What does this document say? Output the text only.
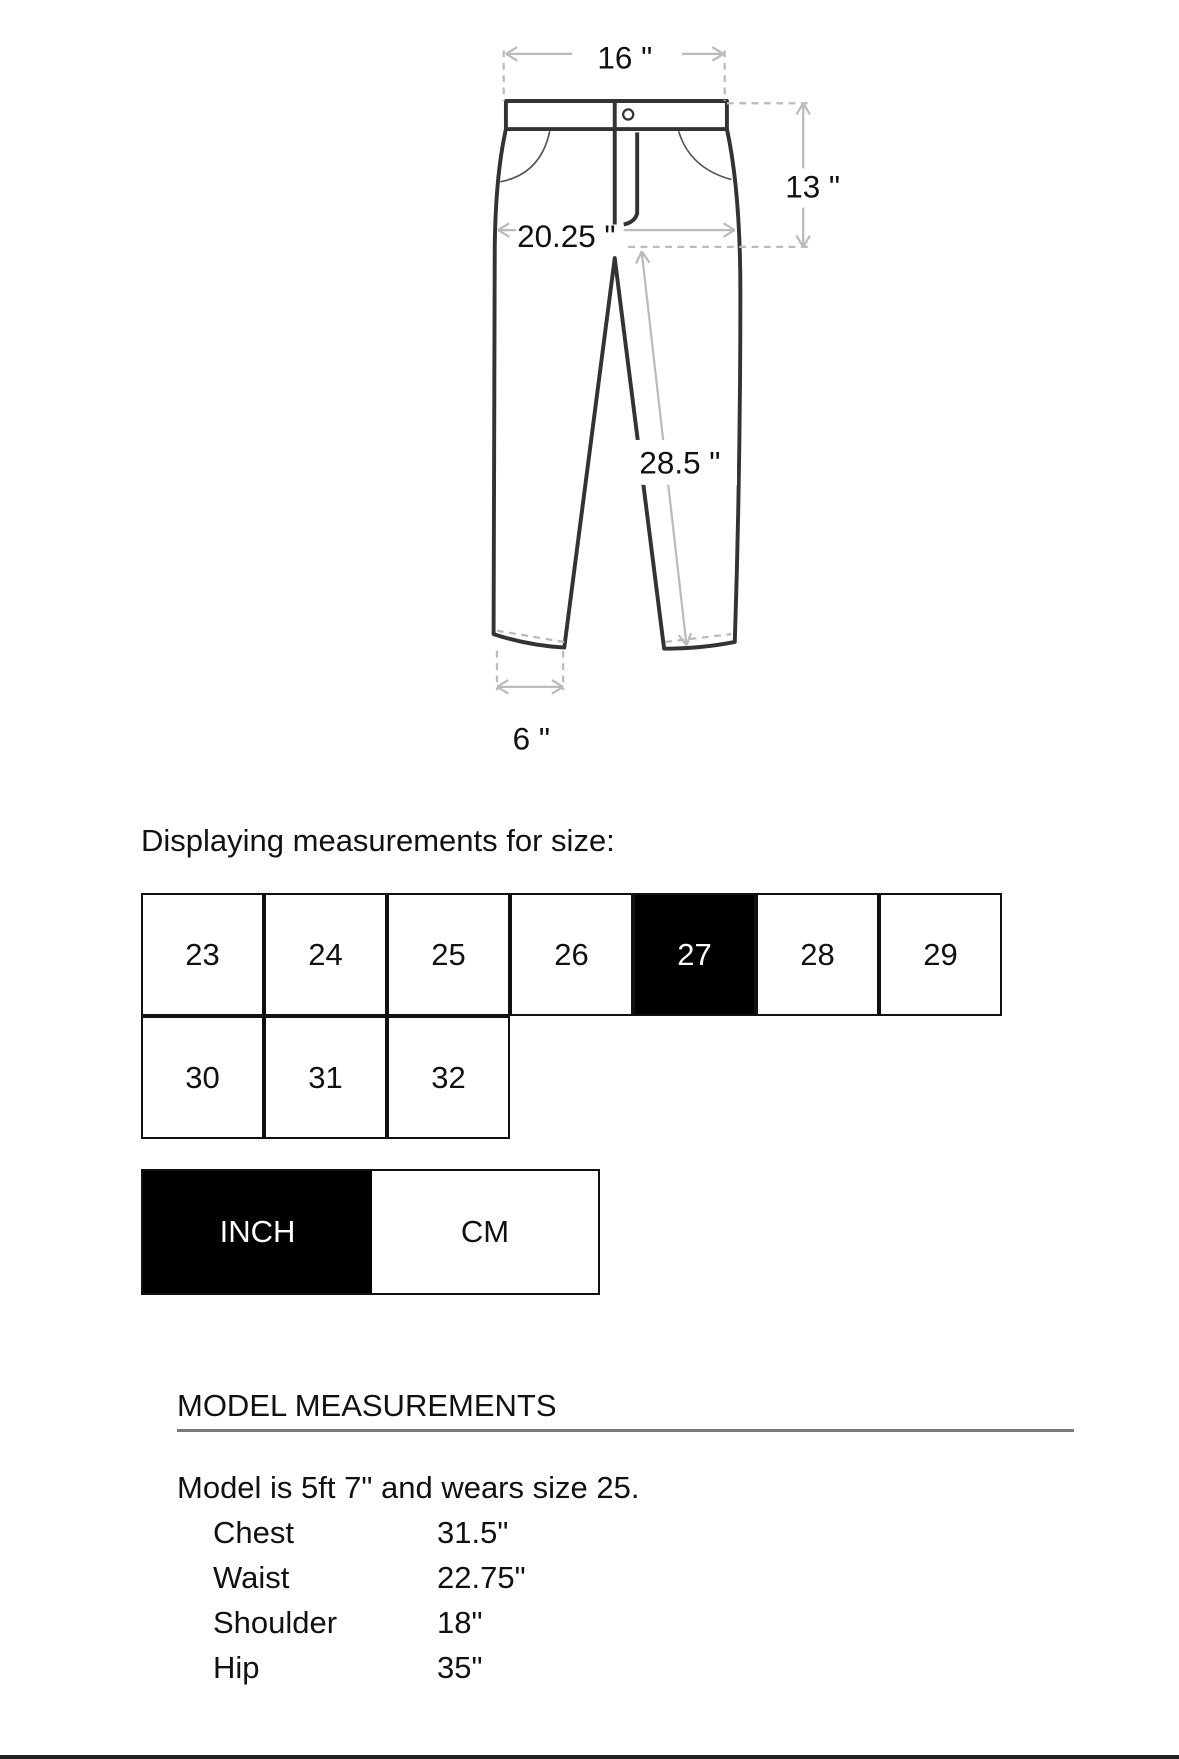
16 "
13 "
20.25 "
28.5 "
6 "
Displaying measurements for size:
23	24	25	26	27	28	29
30	31	32
INCH	CM
MODEL MEASUREMENTS
Model is 5ft 7" and wears size 25.
Chest	31.5"
Waist	22.75"
Shoulder	18"
Hip	35"
